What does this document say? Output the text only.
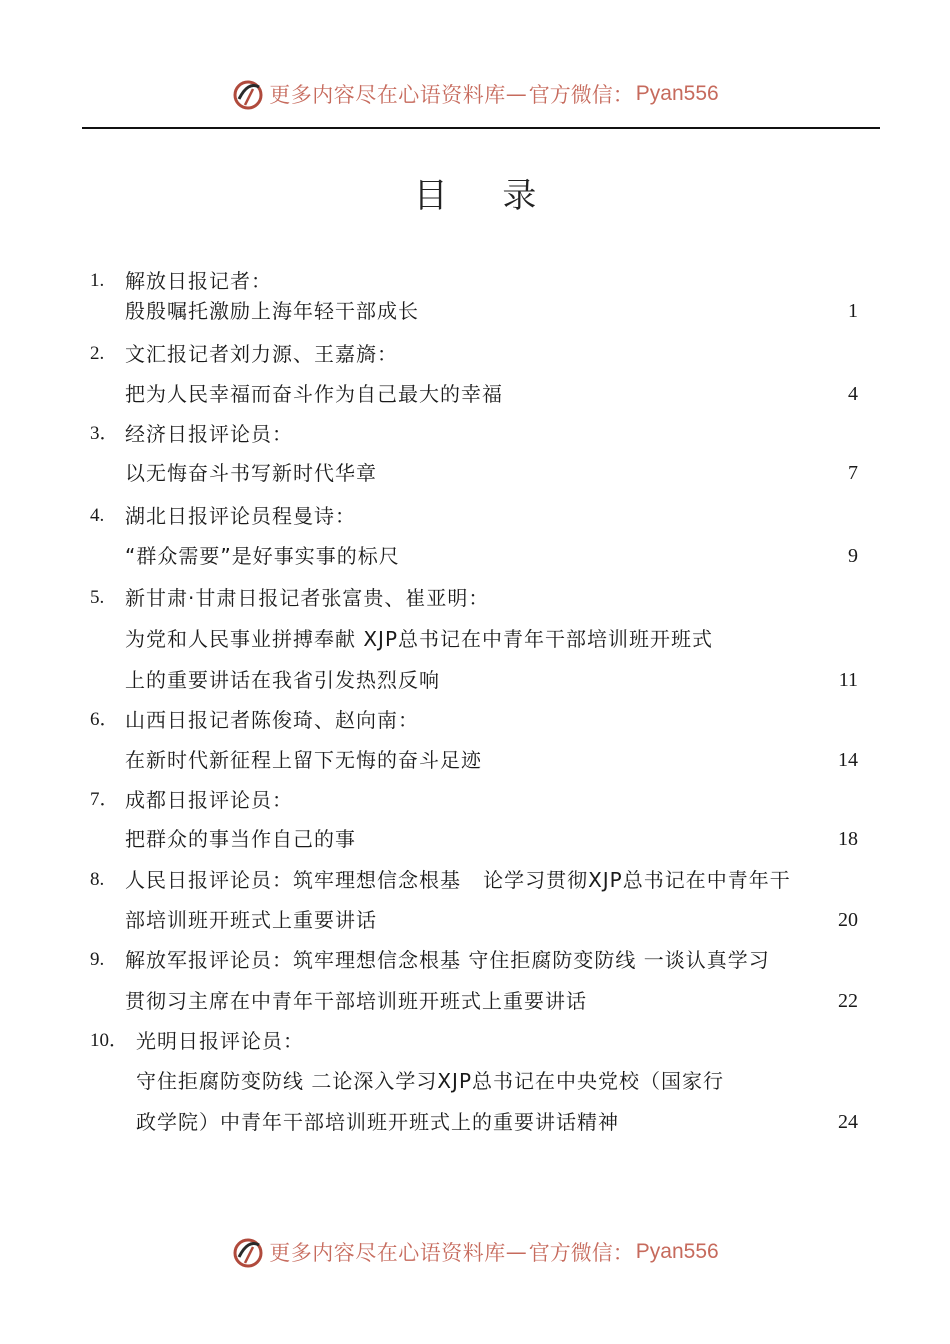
更多内容尽在心语资料库 — 官方微信： Pyan556
目 录
1. 解放日报记者：
殷殷嘱托激励上海年轻干部成长	1
2. 文汇报记者刘力源、王嘉旖：
把为人民幸福而奋斗作为自己最大的幸福	4
3． 经济日报评论员：
以无悔奋斗书写新时代华章	7
4. 湖北日报评论员程曼诗：
“群众需要”是好事实事的标尺	9
5. 新甘肃·甘肃日报记者张富贵、崔亚明：
为党和人民事业拼搏奉献 XJP总书记在中青年干部培训班开班式
上的重要讲话在我省引发热烈反响	11
6． 山西日报记者陈俊琦、赵向南：
在新时代新征程上留下无悔的奋斗足迹	14
7． 成都日报评论员：
把群众的事当作自己的事	18
8. 人民日报评论员：筑牢理想信念根基   论学习贯彻XJP总书记在中青年干
部培训班开班式上重要讲话	20
9. 解放军报评论员：筑牢理想信念根基 守住拒腐防变防线 一谈认真学习
贯彻习主席在中青年干部培训班开班式上重要讲话	22
10． 光明日报评论员：
守住拒腐防变防线 二论深入学习XJP总书记在中央党校（国家行
政学院）中青年干部培训班开班式上的重要讲话精神	24
更多内容尽在心语资料库 — 官方微信： Pyan556
